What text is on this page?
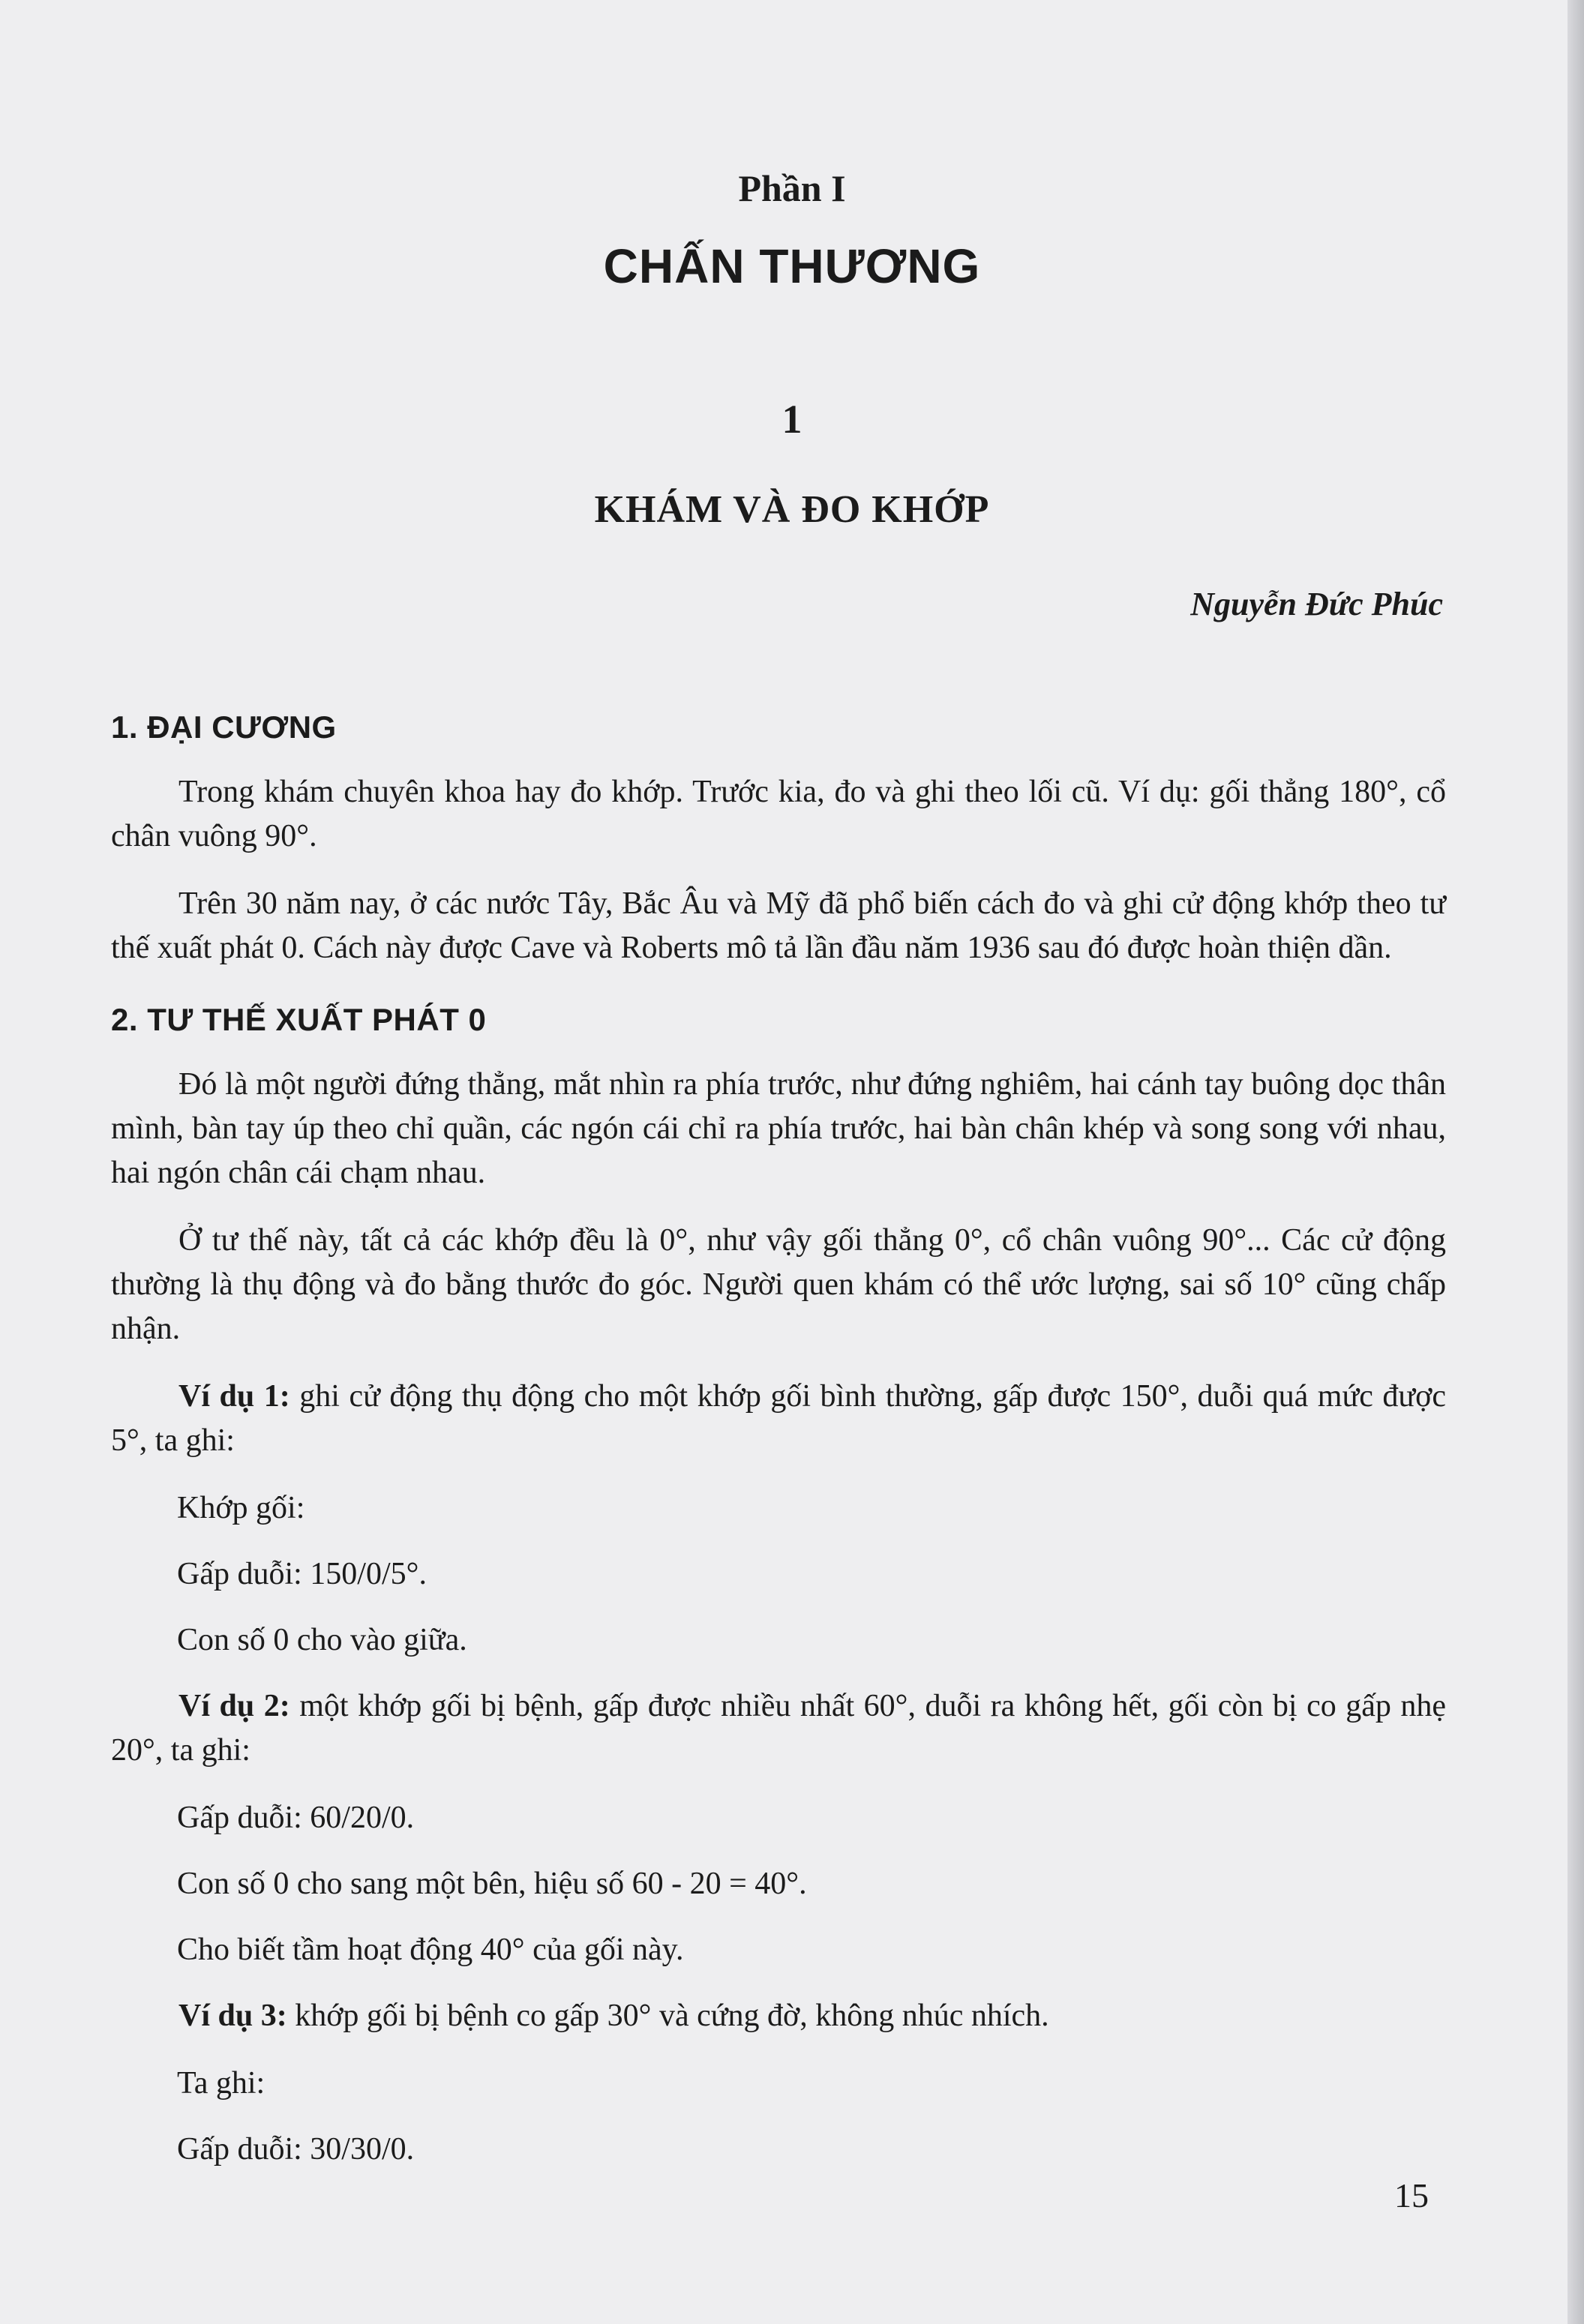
Phần I
CHẤN THƯƠNG
1
KHÁM VÀ ĐO KHỚP
Nguyễn Đức Phúc
1. ĐẠI CƯƠNG

Trong khám chuyên khoa hay đo khớp. Trước kia, đo và ghi theo lối cũ. Ví dụ: gối thẳng 180°, cổ chân vuông 90°.

Trên 30 năm nay, ở các nước Tây, Bắc Âu và Mỹ đã phổ biến cách đo và ghi cử động khớp theo tư thế xuất phát 0. Cách này được Cave và Roberts mô tả lần đầu năm 1936 sau đó được hoàn thiện dần.

2. TƯ THẾ XUẤT PHÁT 0

Đó là một người đứng thẳng, mắt nhìn ra phía trước, như đứng nghiêm, hai cánh tay buông dọc thân mình, bàn tay úp theo chỉ quần, các ngón cái chỉ ra phía trước, hai bàn chân khép và song song với nhau, hai ngón chân cái chạm nhau.

Ở tư thế này, tất cả các khớp đều là 0°, như vậy gối thẳng 0°, cổ chân vuông 90°... Các cử động thường là thụ động và đo bằng thước đo góc. Người quen khám có thể ước lượng, sai số 10° cũng chấp nhận.

Ví dụ 1: ghi cử động thụ động cho một khớp gối bình thường, gấp được 150°, duỗi quá mức được 5°, ta ghi:

Khớp gối:
Gấp duỗi: 150/0/5°.
Con số 0 cho vào giữa.

Ví dụ 2: một khớp gối bị bệnh, gấp được nhiều nhất 60°, duỗi ra không hết, gối còn bị co gấp nhẹ 20°, ta ghi:

Gấp duỗi: 60/20/0.
Con số 0 cho sang một bên, hiệu số 60 - 20 = 40°.
Cho biết tầm hoạt động 40° của gối này.

Ví dụ 3: khớp gối bị bệnh co gấp 30° và cứng đờ, không nhúc nhích.

Ta ghi:
Gấp duỗi: 30/30/0.
15
